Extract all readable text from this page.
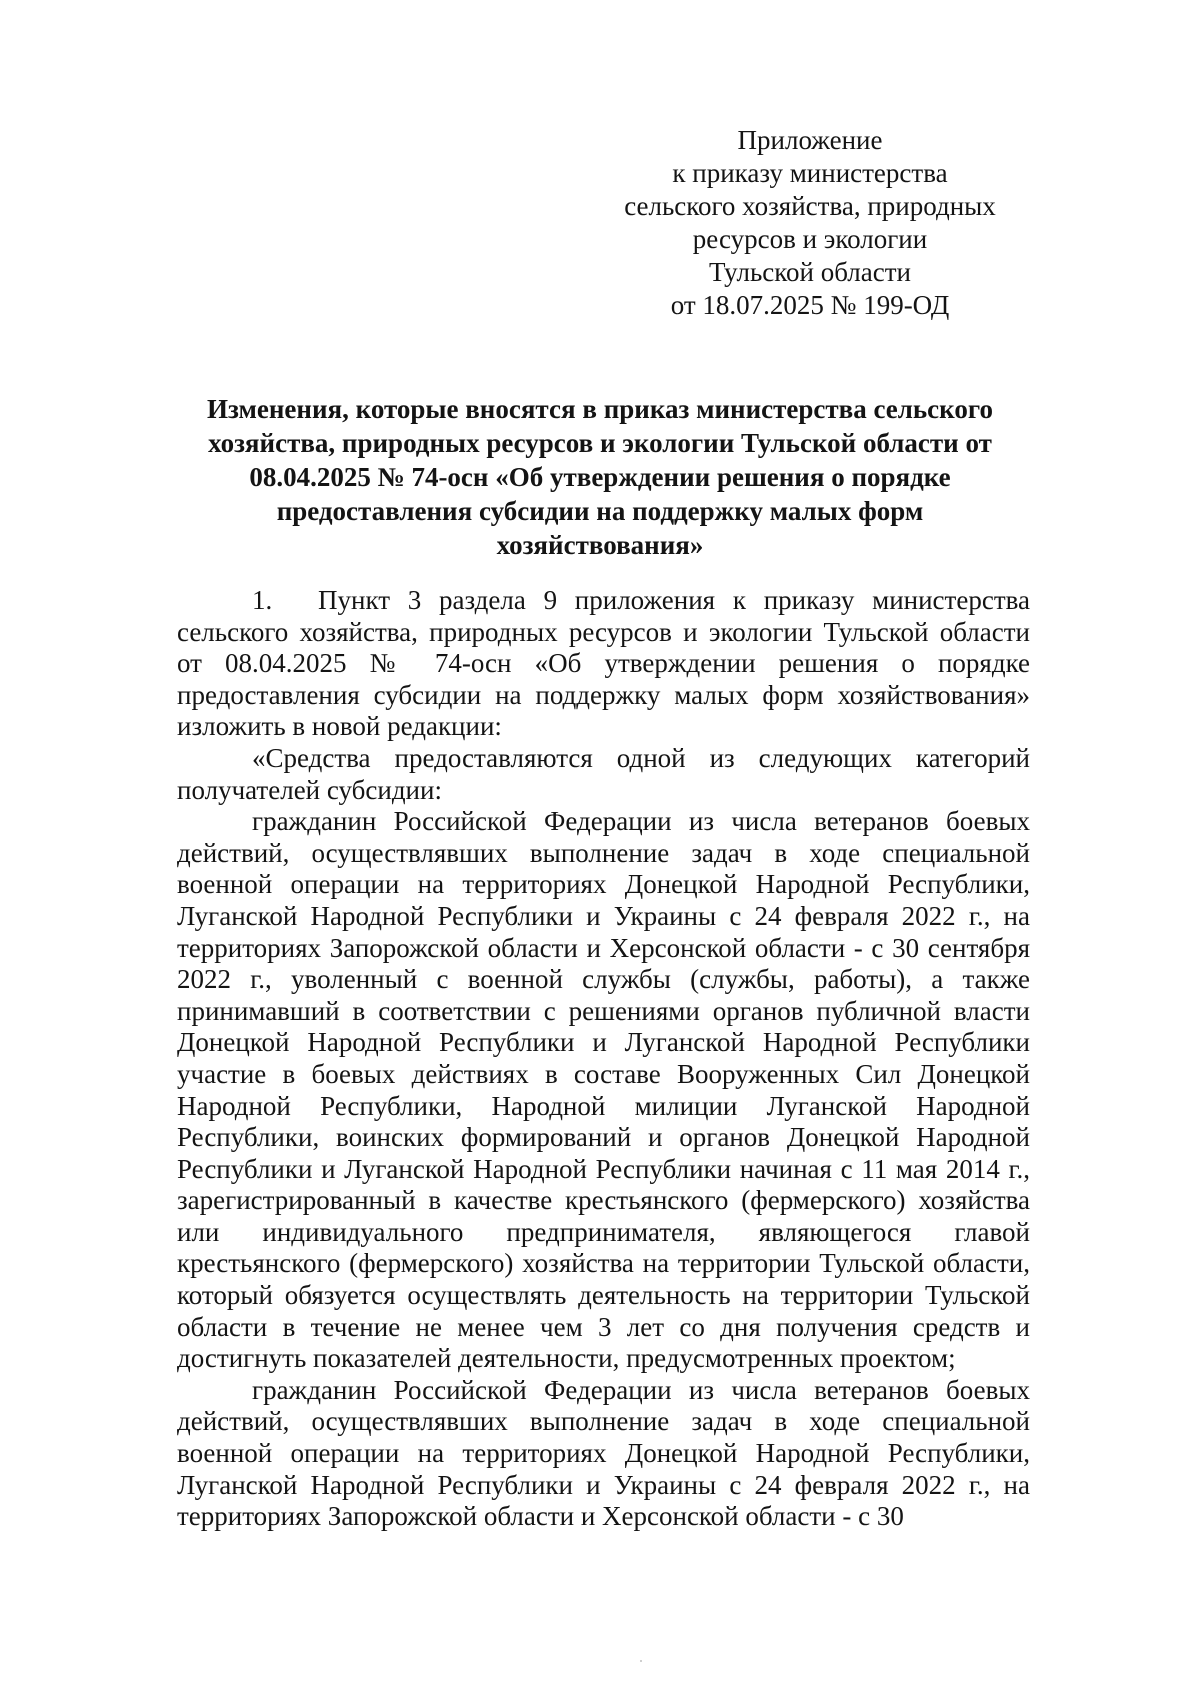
Приложение
к приказу министерства
сельского хозяйства, природных
ресурсов и экологии
Тульской области
от 18.07.2025 № 199-ОД
Изменения, которые вносятся в приказ министерства сельского хозяйства, природных ресурсов и экологии Тульской области от 08.04.2025 № 74-осн «Об утверждении решения о порядке предоставления субсидии на поддержку малых форм хозяйствования»

1. Пункт 3 раздела 9 приложения к приказу министерства сельского хозяйства, природных ресурсов и экологии Тульской области от 08.04.2025 № 74-осн «Об утверждении решения о порядке предоставления субсидии на поддержку малых форм хозяйствования» изложить в новой редакции:

«Средства предоставляются одной из следующих категорий получателей субсидии:

гражданин Российской Федерации из числа ветеранов боевых действий, осуществлявших выполнение задач в ходе специальной военной операции на территориях Донецкой Народной Республики, Луганской Народной Республики и Украины с 24 февраля 2022 г., на территориях Запорожской области и Херсонской области - с 30 сентября 2022 г., уволенный с военной службы (службы, работы), а также принимавший в соответствии с решениями органов публичной власти Донецкой Народной Республики и Луганской Народной Республики участие в боевых действиях в составе Вооруженных Сил Донецкой Народной Республики, Народной милиции Луганской Народной Республики, воинских формирований и органов Донецкой Народной Республики и Луганской Народной Республики начиная с 11 мая 2014 г., зарегистрированный в качестве крестьянского (фермерского) хозяйства или индивидуального предпринимателя, являющегося главой крестьянского (фермерского) хозяйства на территории Тульской области, который обязуется осуществлять деятельность на территории Тульской области в течение не менее чем 3 лет со дня получения средств и достигнуть показателей деятельности, предусмотренных проектом;

гражданин Российской Федерации из числа ветеранов боевых действий, осуществлявших выполнение задач в ходе специальной военной операции на территориях Донецкой Народной Республики, Луганской Народной Республики и Украины с 24 февраля 2022 г., на территориях Запорожской области и Херсонской области - с 30
